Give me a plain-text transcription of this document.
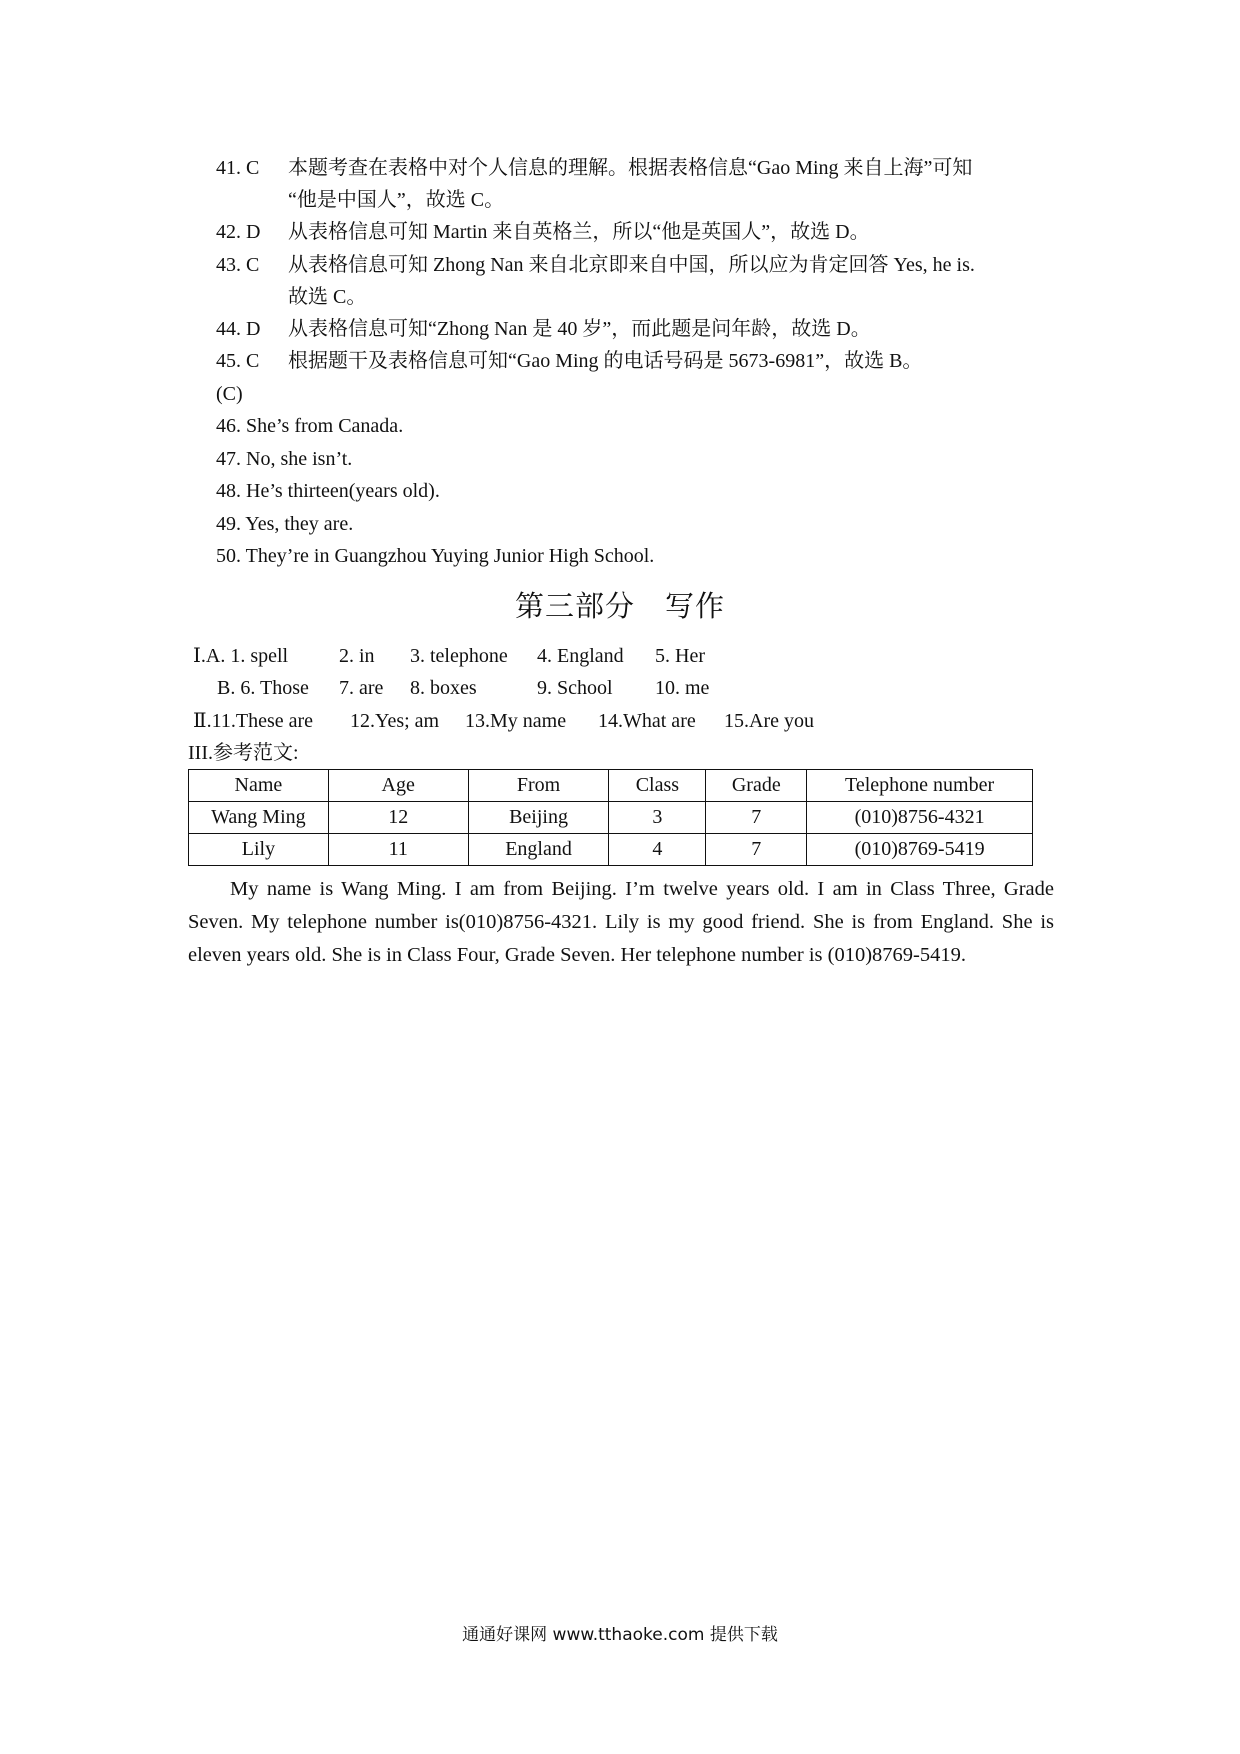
41. C 本题考查在表格中对个人信息的理解。根据表格信息“Gao Ming 来自上海”可知
“他是中国人”，故选 C。
42. D 从表格信息可知 Martin 来自英格兰，所以“他是英国人”，故选 D。
43. C 从表格信息可知 Zhong Nan 来自北京即来自中国，所以应为肯定回答 Yes, he is.
故选 C。
44. D 从表格信息可知“Zhong Nan 是 40 岁”，而此题是问年龄，故选 D。
45. C 根据题干及表格信息可知“Gao Ming 的电话号码是 5673-6981”，故选 B。
(C)
46. She’s from Canada.
47. No, she isn’t.
48. He’s thirteen(years old).
49. Yes, they are.
50. They’re in Guangzhou Yuying Junior High School.
第三部分 写作
Ⅰ.A. 1. spell	2. in 3. telephone 4. England 5. Her
B. 6. Those 7. are 8. boxes	9. School 10. me
Ⅱ.11.These are 12.Yes; am 13.My name 14.What are 15.Are you
III.参考范文:
Name	Age	From	Class	Grade	Telephone number
Wang Ming	12	Beijing	3	7	(010)8756-4321
Lily	11	England	4	7	(010)8769-5419
My name is Wang Ming. I am from Beijing. I’m twelve years old. I am in Class Three, Grade Seven. My telephone number is(010)8756-4321. Lily is my good friend. She is from England. She is eleven years old. She is in Class Four, Grade Seven. Her telephone number is (010)8769-5419.
通通好课网 www.tthaoke.com 提供下载
